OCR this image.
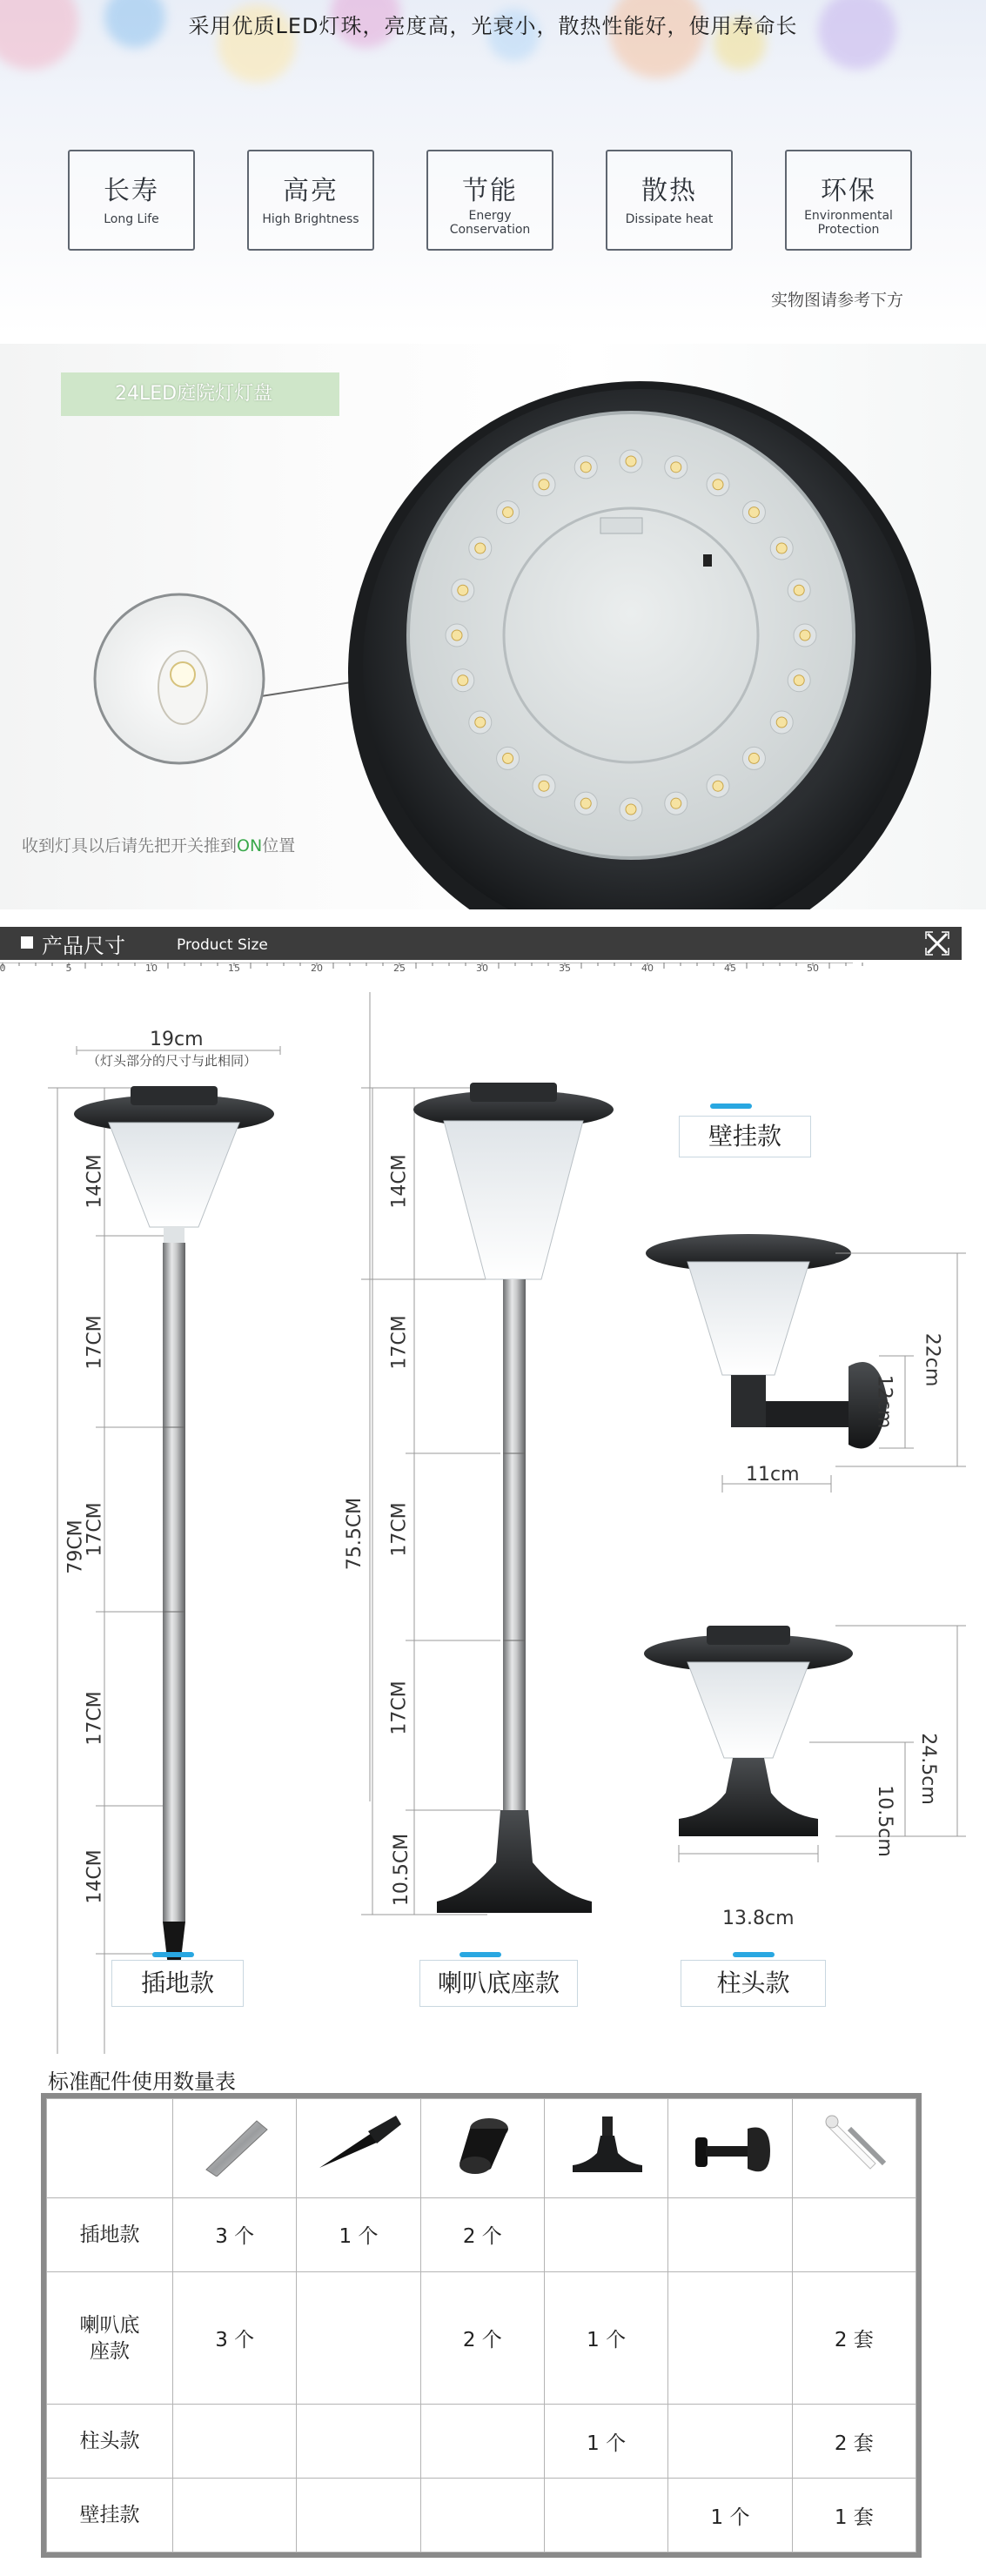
采用优质LED灯珠，亮度高，光衰小，散热性能好，使用寿命长
长寿
Long Life
高亮
High Brightness
节能
Energy Conservation
散热
Dissipate heat
环保
Environmental Protection
实物图请参考下方
24LED庭院灯灯盘
收到灯具以后请先把开关推到ON位置
产品尺寸	Product Size
0	5	10	15	20	25	30	35	40	45	50
19cm
（灯头部分的尺寸与此相同）
79CM
14CM
17CM
17CM
17CM
14CM
75.5CM
14CM
17CM
17CM
17CM
10.5CM
壁挂款
22cm
12cm
11cm
24.5cm
10.5cm
13.8cm
插地款	喇叭底座款	柱头款
标准配件使用数量表

插地款	3 个	1 个	2 个			
喇叭底座款	3 个		2 个	1 个		2 套
柱头款				1 个		2 套
壁挂款					1 个	1 套
